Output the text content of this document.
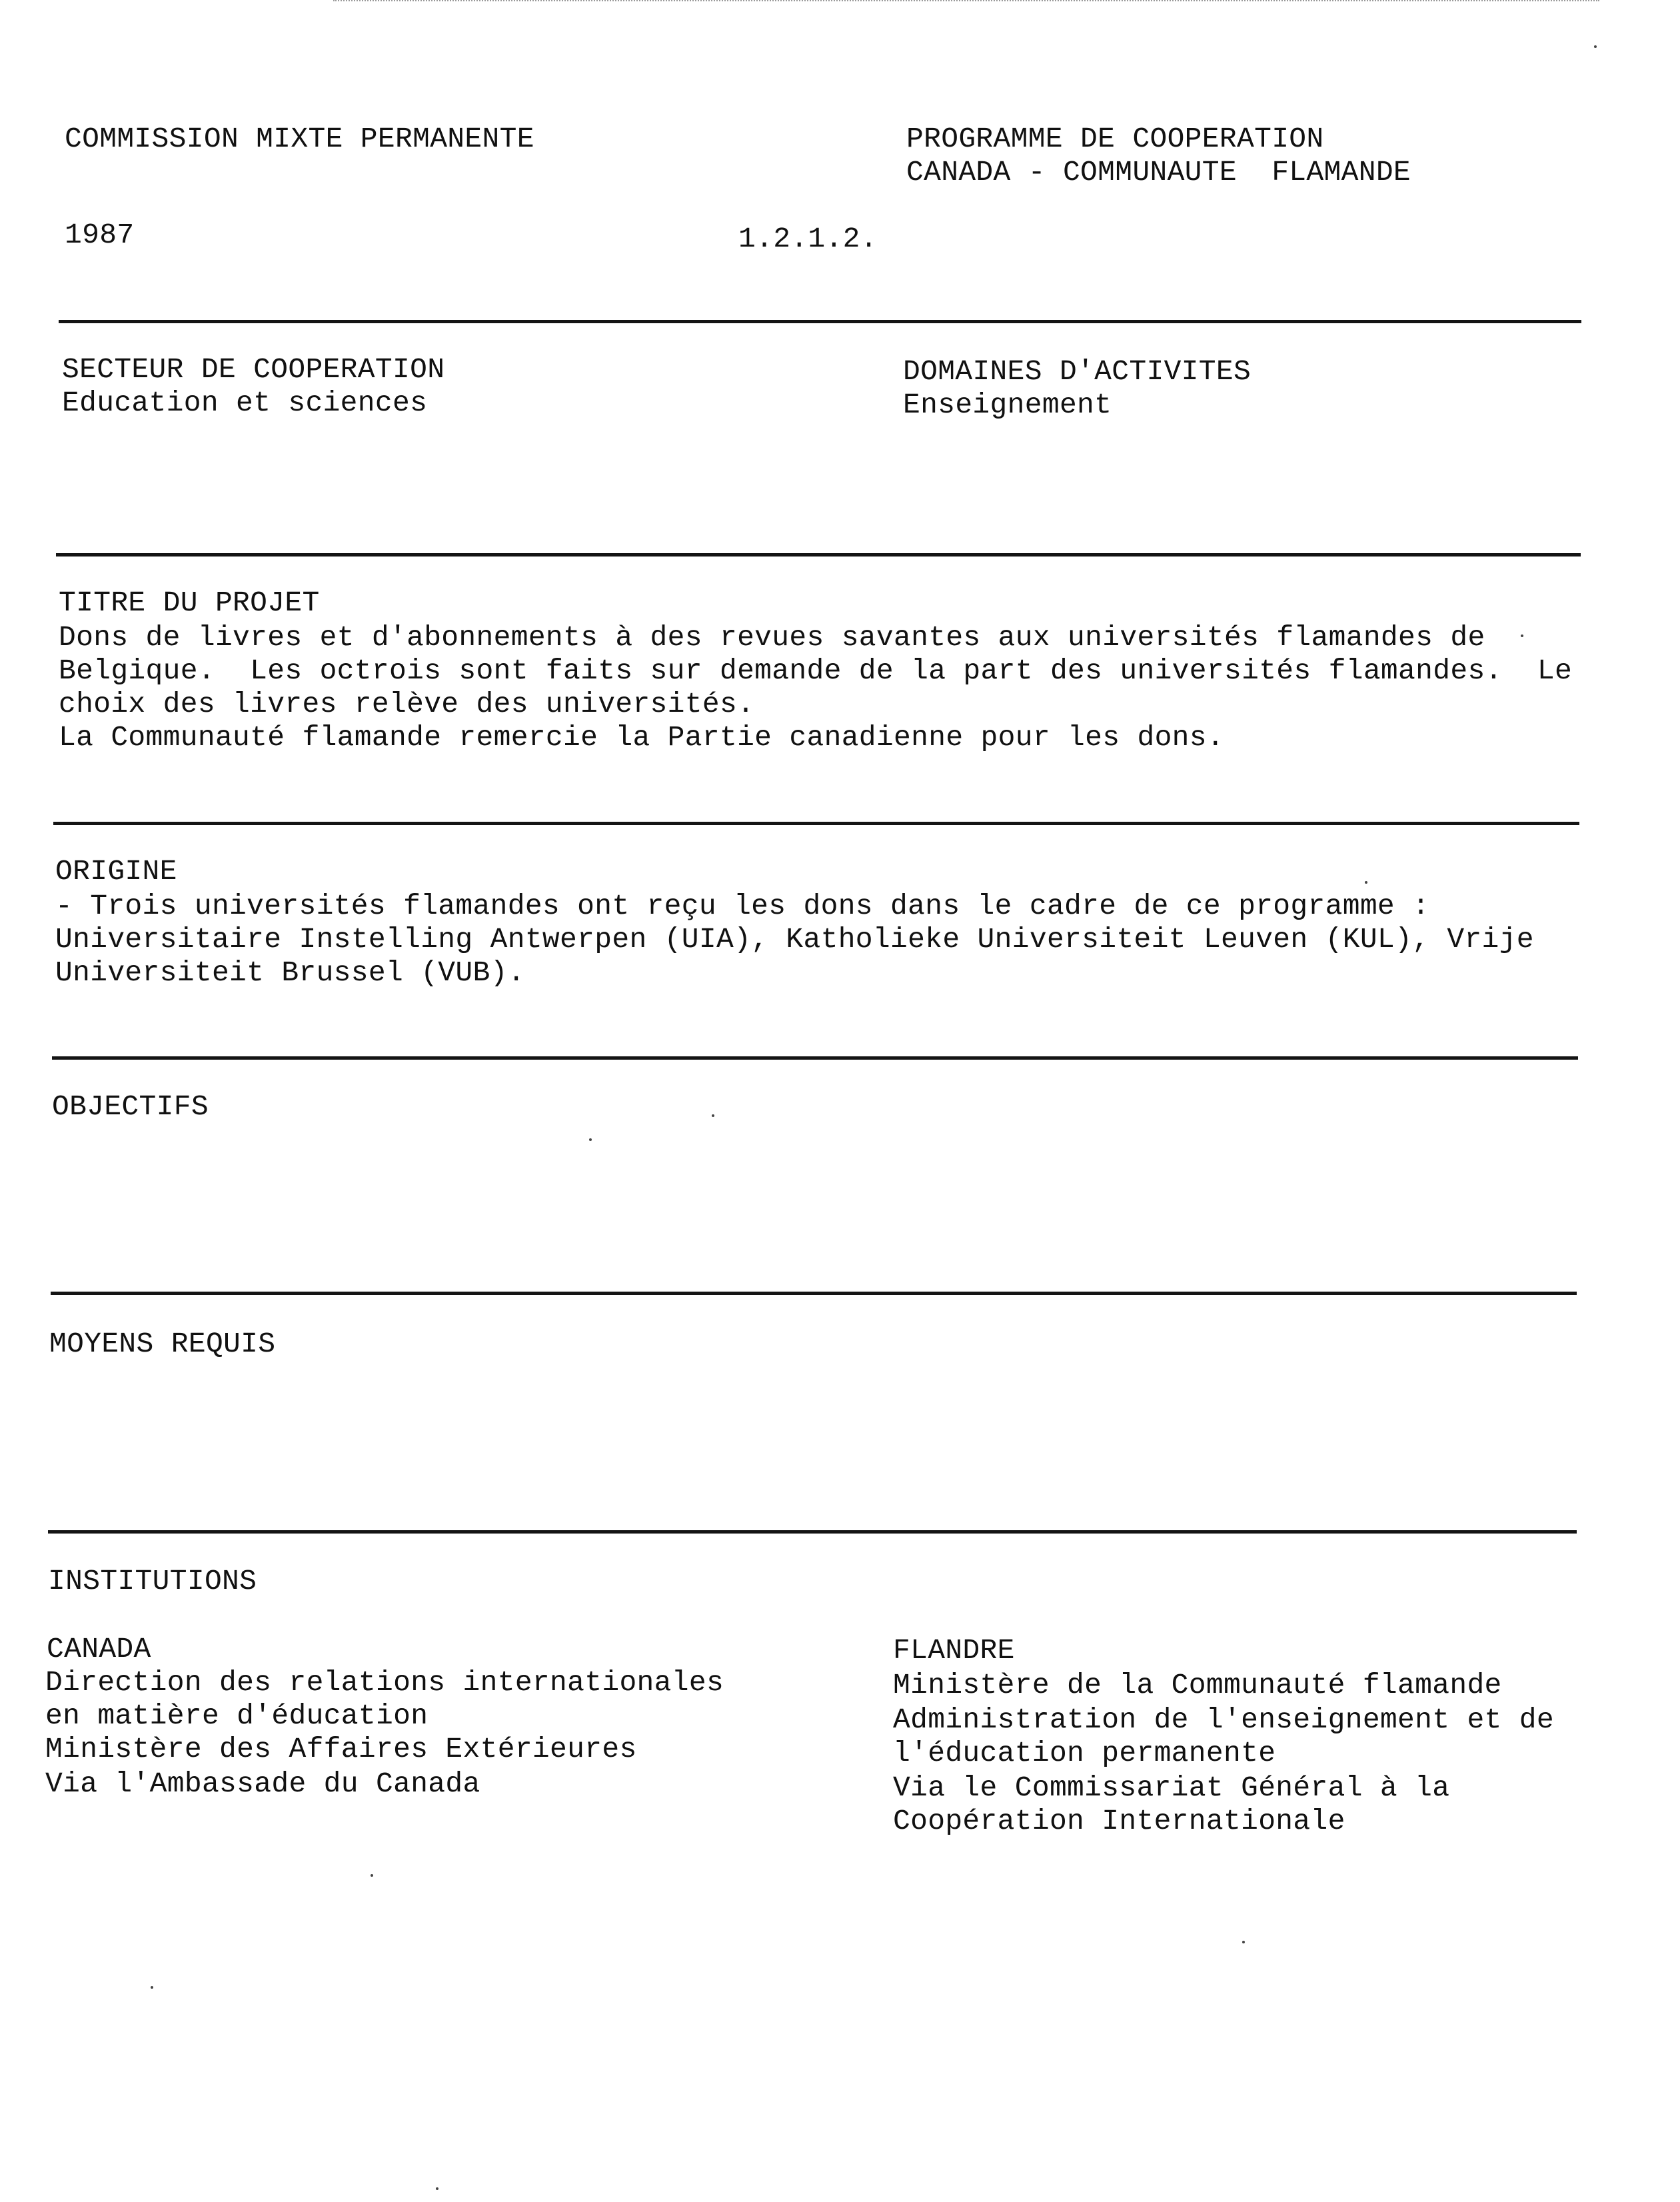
COMMISSION MIXTE PERMANENTE	PROGRAMME DE COOPERATION
CANADA - COMMUNAUTE  FLAMANDE
1987	1.2.1.2.
SECTEUR DE COOPERATION
Education et sciences
DOMAINES D'ACTIVITES
Enseignement
TITRE DU PROJET
Dons de livres et d'abonnements à des revues savantes aux universités flamandes de
Belgique.  Les octrois sont faits sur demande de la part des universités flamandes.  Le
choix des livres relève des universités.
La Communauté flamande remercie la Partie canadienne pour les dons.
ORIGINE
- Trois universités flamandes ont reçu les dons dans le cadre de ce programme :
Universitaire Instelling Antwerpen (UIA), Katholieke Universiteit Leuven (KUL), Vrije
Universiteit Brussel (VUB).
OBJECTIFS
MOYENS REQUIS
INSTITUTIONS
CANADA
Direction des relations internationales
en matière d'éducation
Ministère des Affaires Extérieures
Via l'Ambassade du Canada
FLANDRE
Ministère de la Communauté flamande
Administration de l'enseignement et de
l'éducation permanente
Via le Commissariat Général à la
Coopération Internationale
